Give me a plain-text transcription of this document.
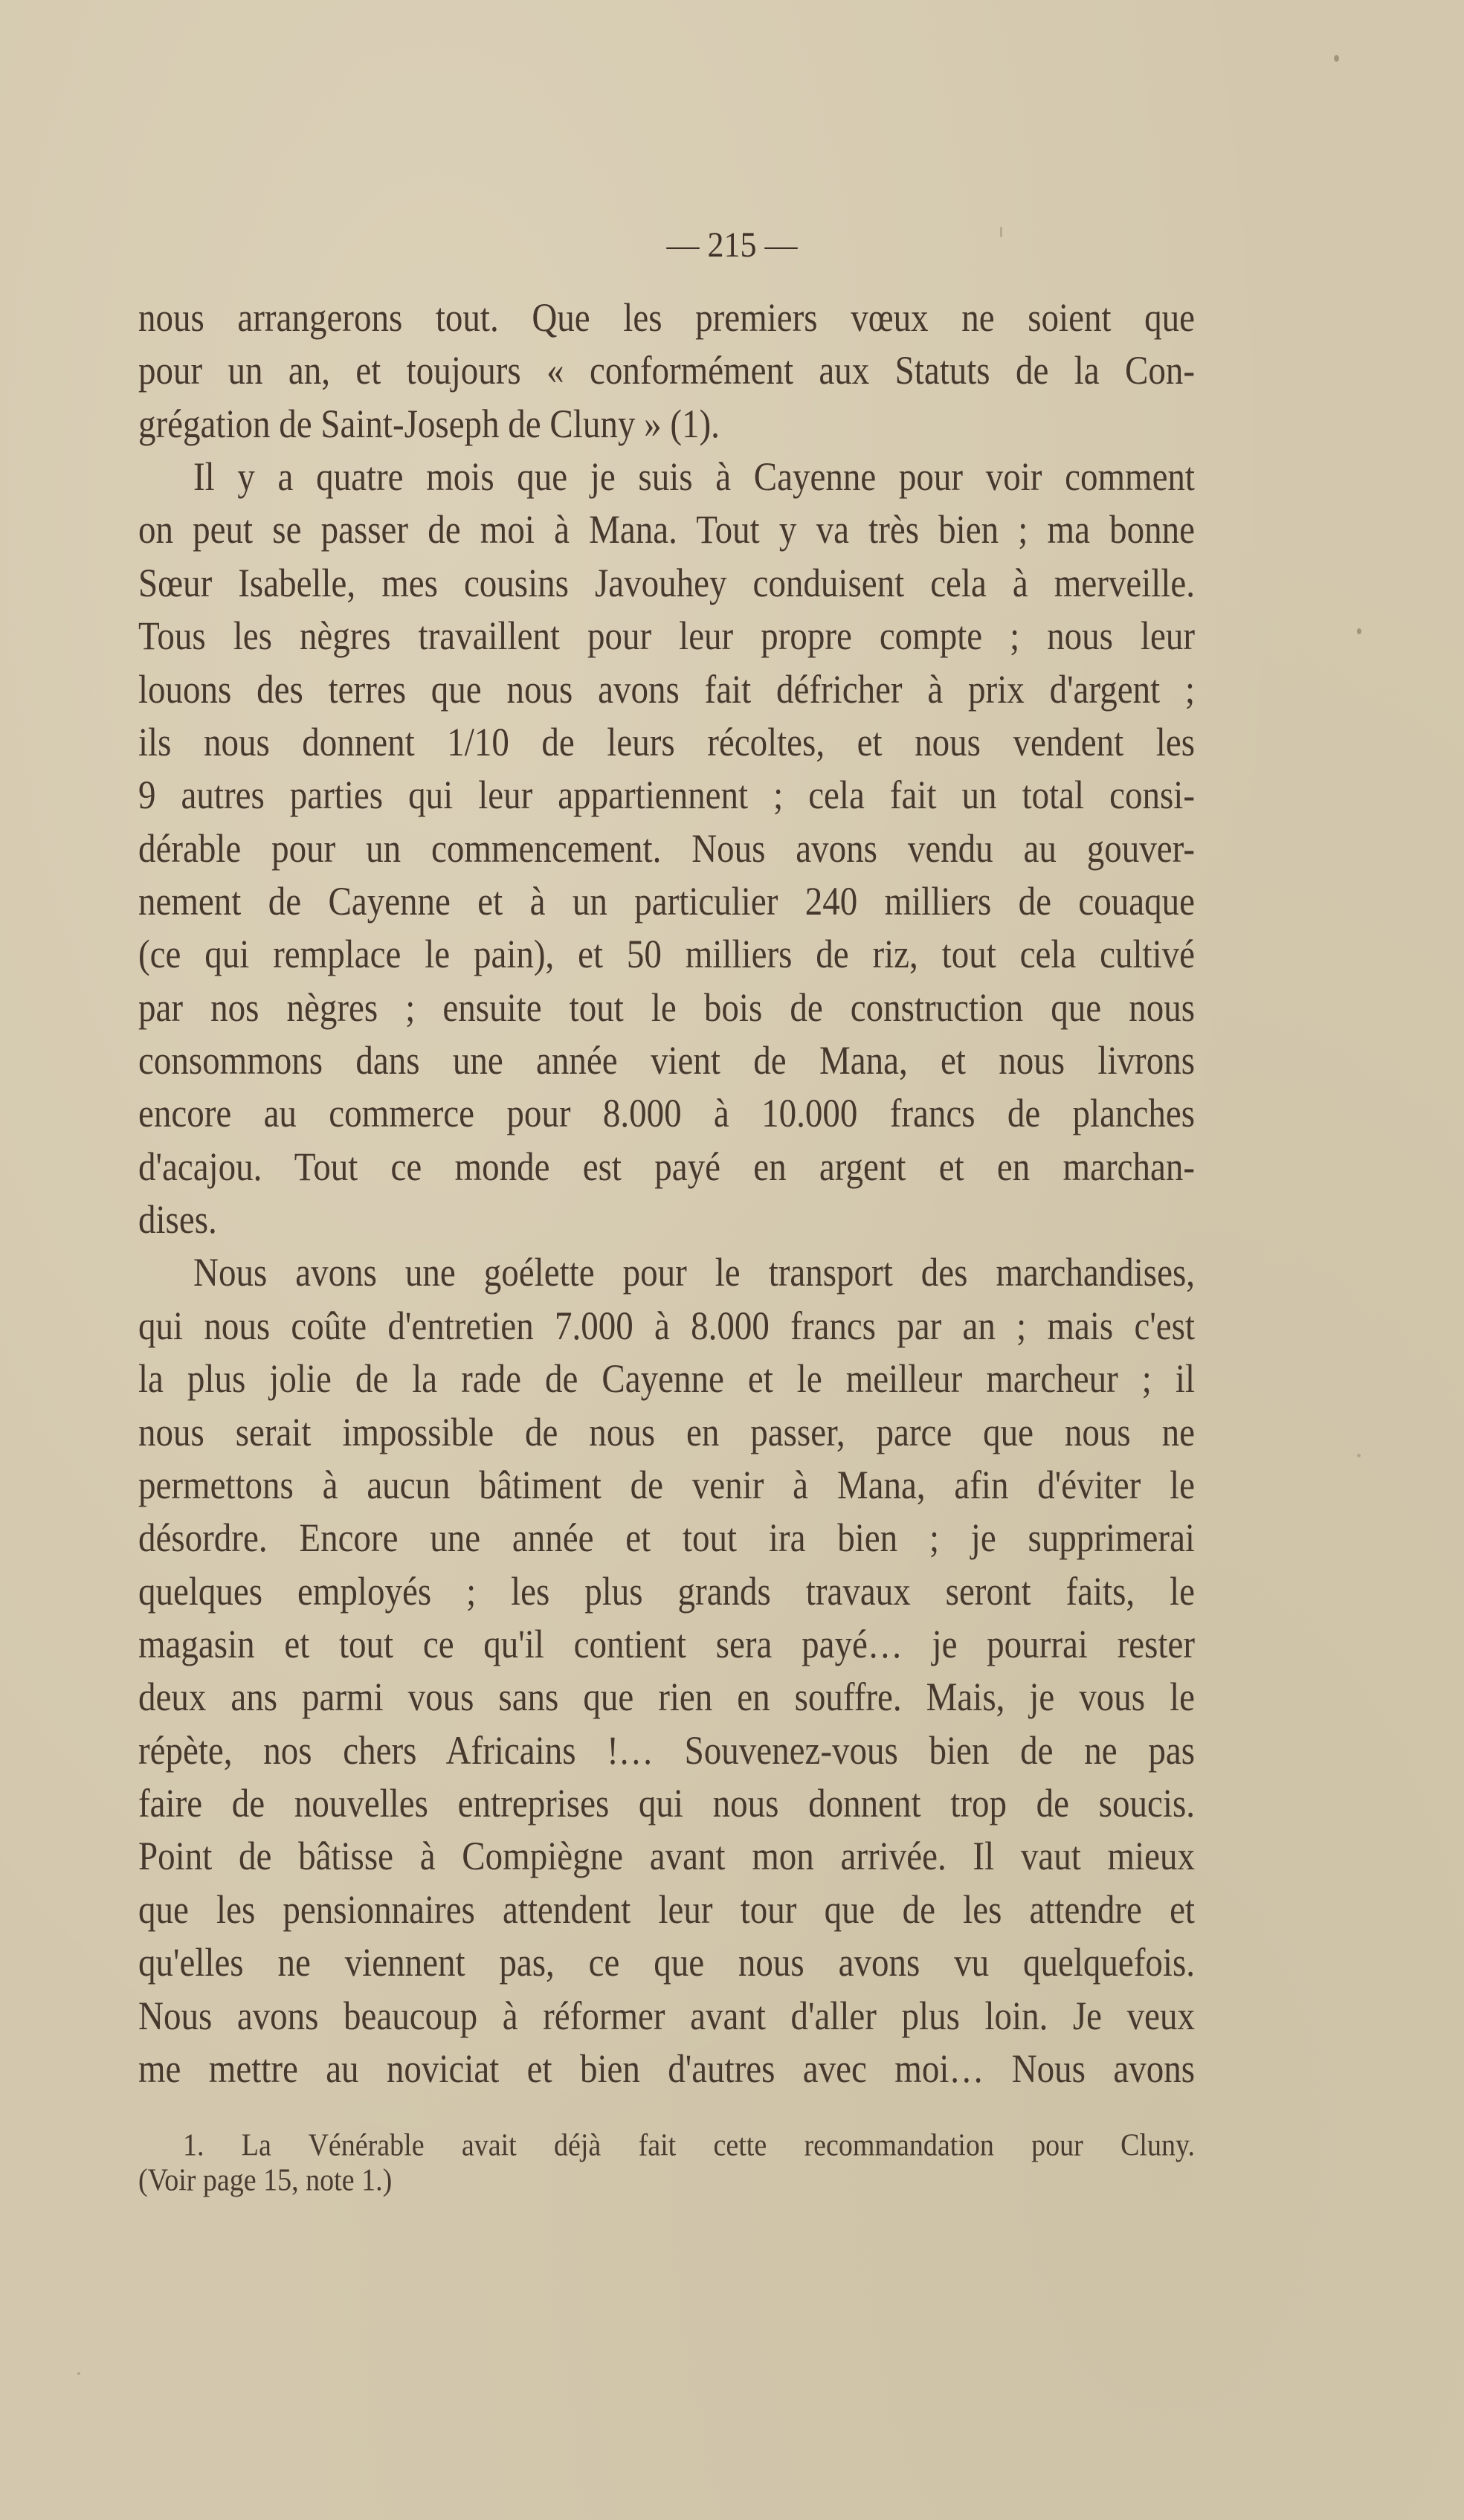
— 215 —
nous arrangerons tout. Que les premiers vœux ne soient que
pour un an, et toujours « conformément aux Statuts de la Con-
grégation de Saint-Joseph de Cluny » (1).
Il y a quatre mois que je suis à Cayenne pour voir comment
on peut se passer de moi à Mana. Tout y va très bien ; ma bonne
Sœur Isabelle, mes cousins Javouhey conduisent cela à merveille.
Tous les nègres travaillent pour leur propre compte ; nous leur
louons des terres que nous avons fait défricher à prix d'argent ;
ils nous donnent 1/10 de leurs récoltes, et nous vendent les
9 autres parties qui leur appartiennent ; cela fait un total consi-
dérable pour un commencement. Nous avons vendu au gouver-
nement de Cayenne et à un particulier 240 milliers de couaque
(ce qui remplace le pain), et 50 milliers de riz, tout cela cultivé
par nos nègres ; ensuite tout le bois de construction que nous
consommons dans une année vient de Mana, et nous livrons
encore au commerce pour 8.000 à 10.000 francs de planches
d'acajou. Tout ce monde est payé en argent et en marchan-
dises.
Nous avons une goélette pour le transport des marchandises,
qui nous coûte d'entretien 7.000 à 8.000 francs par an ; mais c'est
la plus jolie de la rade de Cayenne et le meilleur marcheur ; il
nous serait impossible de nous en passer, parce que nous ne
permettons à aucun bâtiment de venir à Mana, afin d'éviter le
désordre. Encore une année et tout ira bien ; je supprimerai
quelques employés ; les plus grands travaux seront faits, le
magasin et tout ce qu'il contient sera payé… je pourrai rester
deux ans parmi vous sans que rien en souffre. Mais, je vous le
répète, nos chers Africains !… Souvenez-vous bien de ne pas
faire de nouvelles entreprises qui nous donnent trop de soucis.
Point de bâtisse à Compiègne avant mon arrivée. Il vaut mieux
que les pensionnaires attendent leur tour que de les attendre et
qu'elles ne viennent pas, ce que nous avons vu quelquefois.
Nous avons beaucoup à réformer avant d'aller plus loin. Je veux
me mettre au noviciat et bien d'autres avec moi… Nous avons
1. La Vénérable avait déjà fait cette recommandation pour Cluny.
(Voir page 15, note 1.)
